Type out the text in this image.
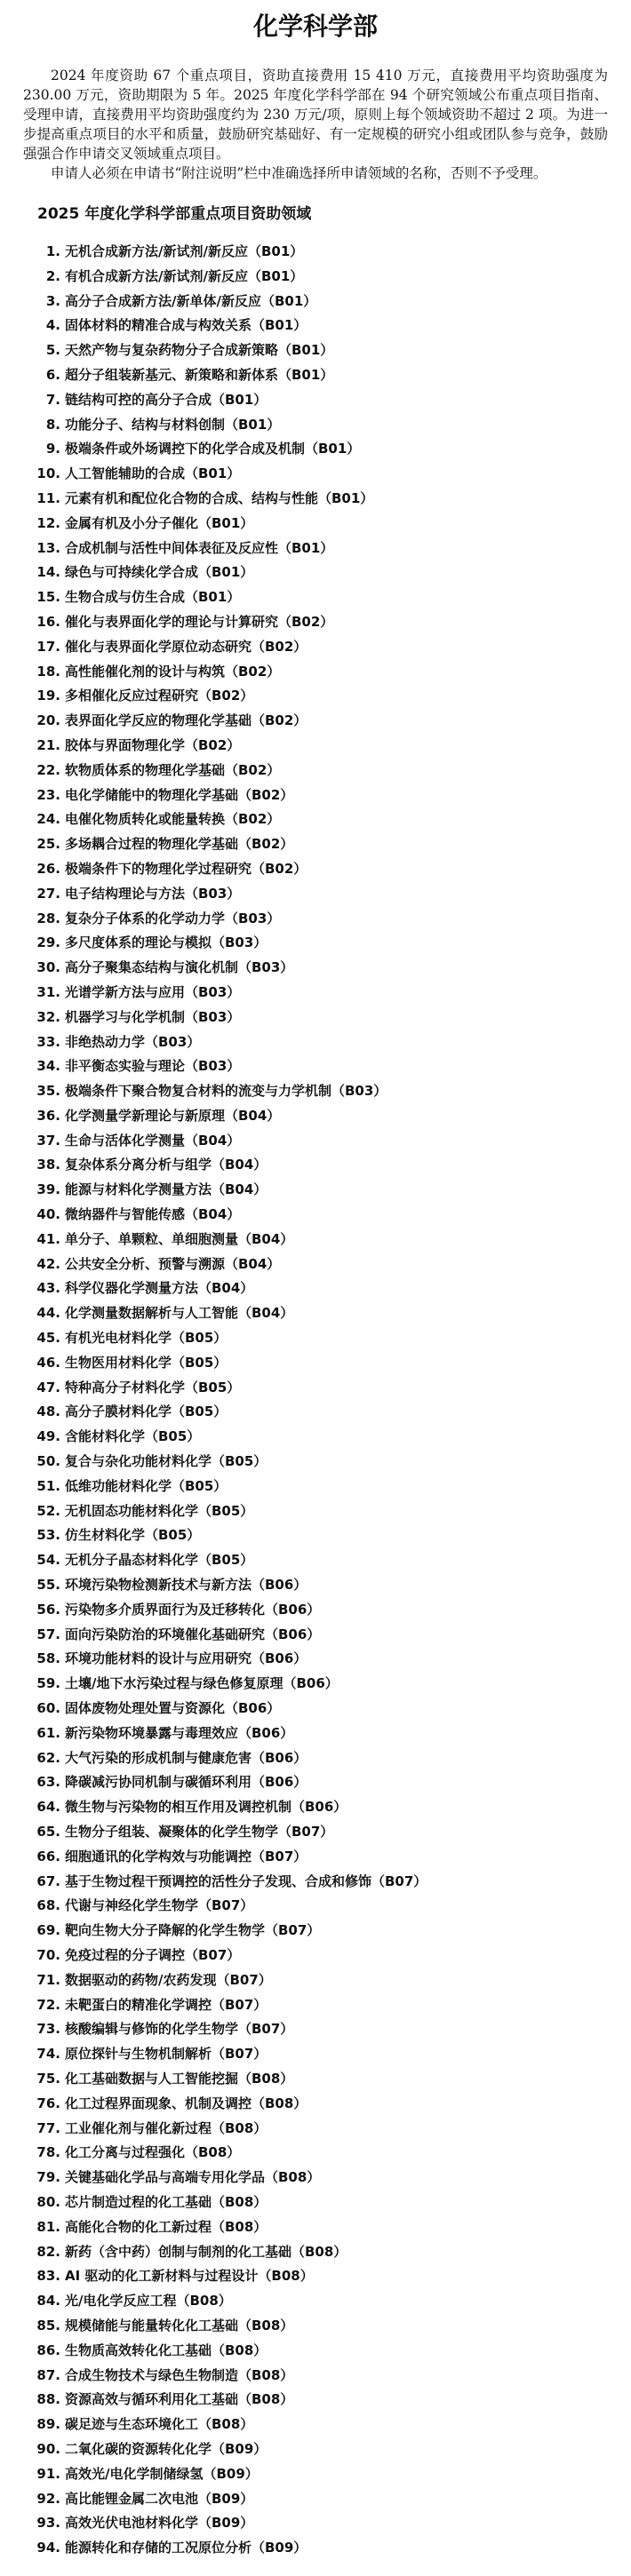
化学科学部

2024 年度资助 67 个重点项目，资助直接费用 15 410 万元，直接费用平均资助强度为 230.00 万元，资助期限为 5 年。2025 年度化学科学部在 94 个研究领域公布重点项目指南、受理申请，直接费用平均资助强度约为 230 万元/项，原则上每个领域资助不超过 2 项。为进一步提高重点项目的水平和质量，鼓励研究基础好、有一定规模的研究小组或团队参与竞争，鼓励强强合作申请交叉领域重点项目。

申请人必须在申请书“附注说明”栏中准确选择所申请领域的名称，否则不予受理。

2025 年度化学科学部重点项目资助领域
1. 无机合成新方法/新试剂/新反应（B01）
2. 有机合成新方法/新试剂/新反应（B01）
3. 高分子合成新方法/新单体/新反应（B01）
4. 固体材料的精准合成与构效关系（B01）
5. 天然产物与复杂药物分子合成新策略（B01）
6. 超分子组装新基元、新策略和新体系（B01）
7. 链结构可控的高分子合成（B01）
8. 功能分子、结构与材料创制（B01）
9. 极端条件或外场调控下的化学合成及机制（B01）
10. 人工智能辅助的合成（B01）
11. 元素有机和配位化合物的合成、结构与性能（B01）
12. 金属有机及小分子催化（B01）
13. 合成机制与活性中间体表征及反应性（B01）
14. 绿色与可持续化学合成（B01）
15. 生物合成与仿生合成（B01）
16. 催化与表界面化学的理论与计算研究（B02）
17. 催化与表界面化学原位动态研究（B02）
18. 高性能催化剂的设计与构筑（B02）
19. 多相催化反应过程研究（B02）
20. 表界面化学反应的物理化学基础（B02）
21. 胶体与界面物理化学（B02）
22. 软物质体系的物理化学基础（B02）
23. 电化学储能中的物理化学基础（B02）
24. 电催化物质转化或能量转换（B02）
25. 多场耦合过程的物理化学基础（B02）
26. 极端条件下的物理化学过程研究（B02）
27. 电子结构理论与方法（B03）
28. 复杂分子体系的化学动力学（B03）
29. 多尺度体系的理论与模拟（B03）
30. 高分子聚集态结构与演化机制（B03）
31. 光谱学新方法与应用（B03）
32. 机器学习与化学机制（B03）
33. 非绝热动力学（B03）
34. 非平衡态实验与理论（B03）
35. 极端条件下聚合物复合材料的流变与力学机制（B03）
36. 化学测量学新理论与新原理（B04）
37. 生命与活体化学测量（B04）
38. 复杂体系分离分析与组学（B04）
39. 能源与材料化学测量方法（B04）
40. 微纳器件与智能传感（B04）
41. 单分子、单颗粒、单细胞测量（B04）
42. 公共安全分析、预警与溯源（B04）
43. 科学仪器化学测量方法（B04）
44. 化学测量数据解析与人工智能（B04）
45. 有机光电材料化学（B05）
46. 生物医用材料化学（B05）
47. 特种高分子材料化学（B05）
48. 高分子膜材料化学（B05）
49. 含能材料化学（B05）
50. 复合与杂化功能材料化学（B05）
51. 低维功能材料化学（B05）
52. 无机固态功能材料化学（B05）
53. 仿生材料化学（B05）
54. 无机分子晶态材料化学（B05）
55. 环境污染物检测新技术与新方法（B06）
56. 污染物多介质界面行为及迁移转化（B06）
57. 面向污染防治的环境催化基础研究（B06）
58. 环境功能材料的设计与应用研究（B06）
59. 土壤/地下水污染过程与绿色修复原理（B06）
60. 固体废物处理处置与资源化（B06）
61. 新污染物环境暴露与毒理效应（B06）
62. 大气污染的形成机制与健康危害（B06）
63. 降碳减污协同机制与碳循环利用（B06）
64. 微生物与污染物的相互作用及调控机制（B06）
65. 生物分子组装、凝聚体的化学生物学（B07）
66. 细胞通讯的化学构效与功能调控（B07）
67. 基于生物过程干预调控的活性分子发现、合成和修饰（B07）
68. 代谢与神经化学生物学（B07）
69. 靶向生物大分子降解的化学生物学（B07）
70. 免疫过程的分子调控（B07）
71. 数据驱动的药物/农药发现（B07）
72. 未靶蛋白的精准化学调控（B07）
73. 核酸编辑与修饰的化学生物学（B07）
74. 原位探针与生物机制解析（B07）
75. 化工基础数据与人工智能挖掘（B08）
76. 化工过程界面现象、机制及调控（B08）
77. 工业催化剂与催化新过程（B08）
78. 化工分离与过程强化（B08）
79. 关键基础化学品与高端专用化学品（B08）
80. 芯片制造过程的化工基础（B08）
81. 高能化合物的化工新过程（B08）
82. 新药（含中药）创制与制剂的化工基础（B08）
83. AI 驱动的化工新材料与过程设计（B08）
84. 光/电化学反应工程（B08）
85. 规模储能与能量转化化工基础（B08）
86. 生物质高效转化化工基础（B08）
87. 合成生物技术与绿色生物制造（B08）
88. 资源高效与循环利用化工基础（B08）
89. 碳足迹与生态环境化工（B08）
90. 二氧化碳的资源转化化学（B09）
91. 高效光/电化学制储绿氢（B09）
92. 高比能锂金属二次电池（B09）
93. 高效光伏电池材料化学（B09）
94. 能源转化和存储的工况原位分析（B09）
